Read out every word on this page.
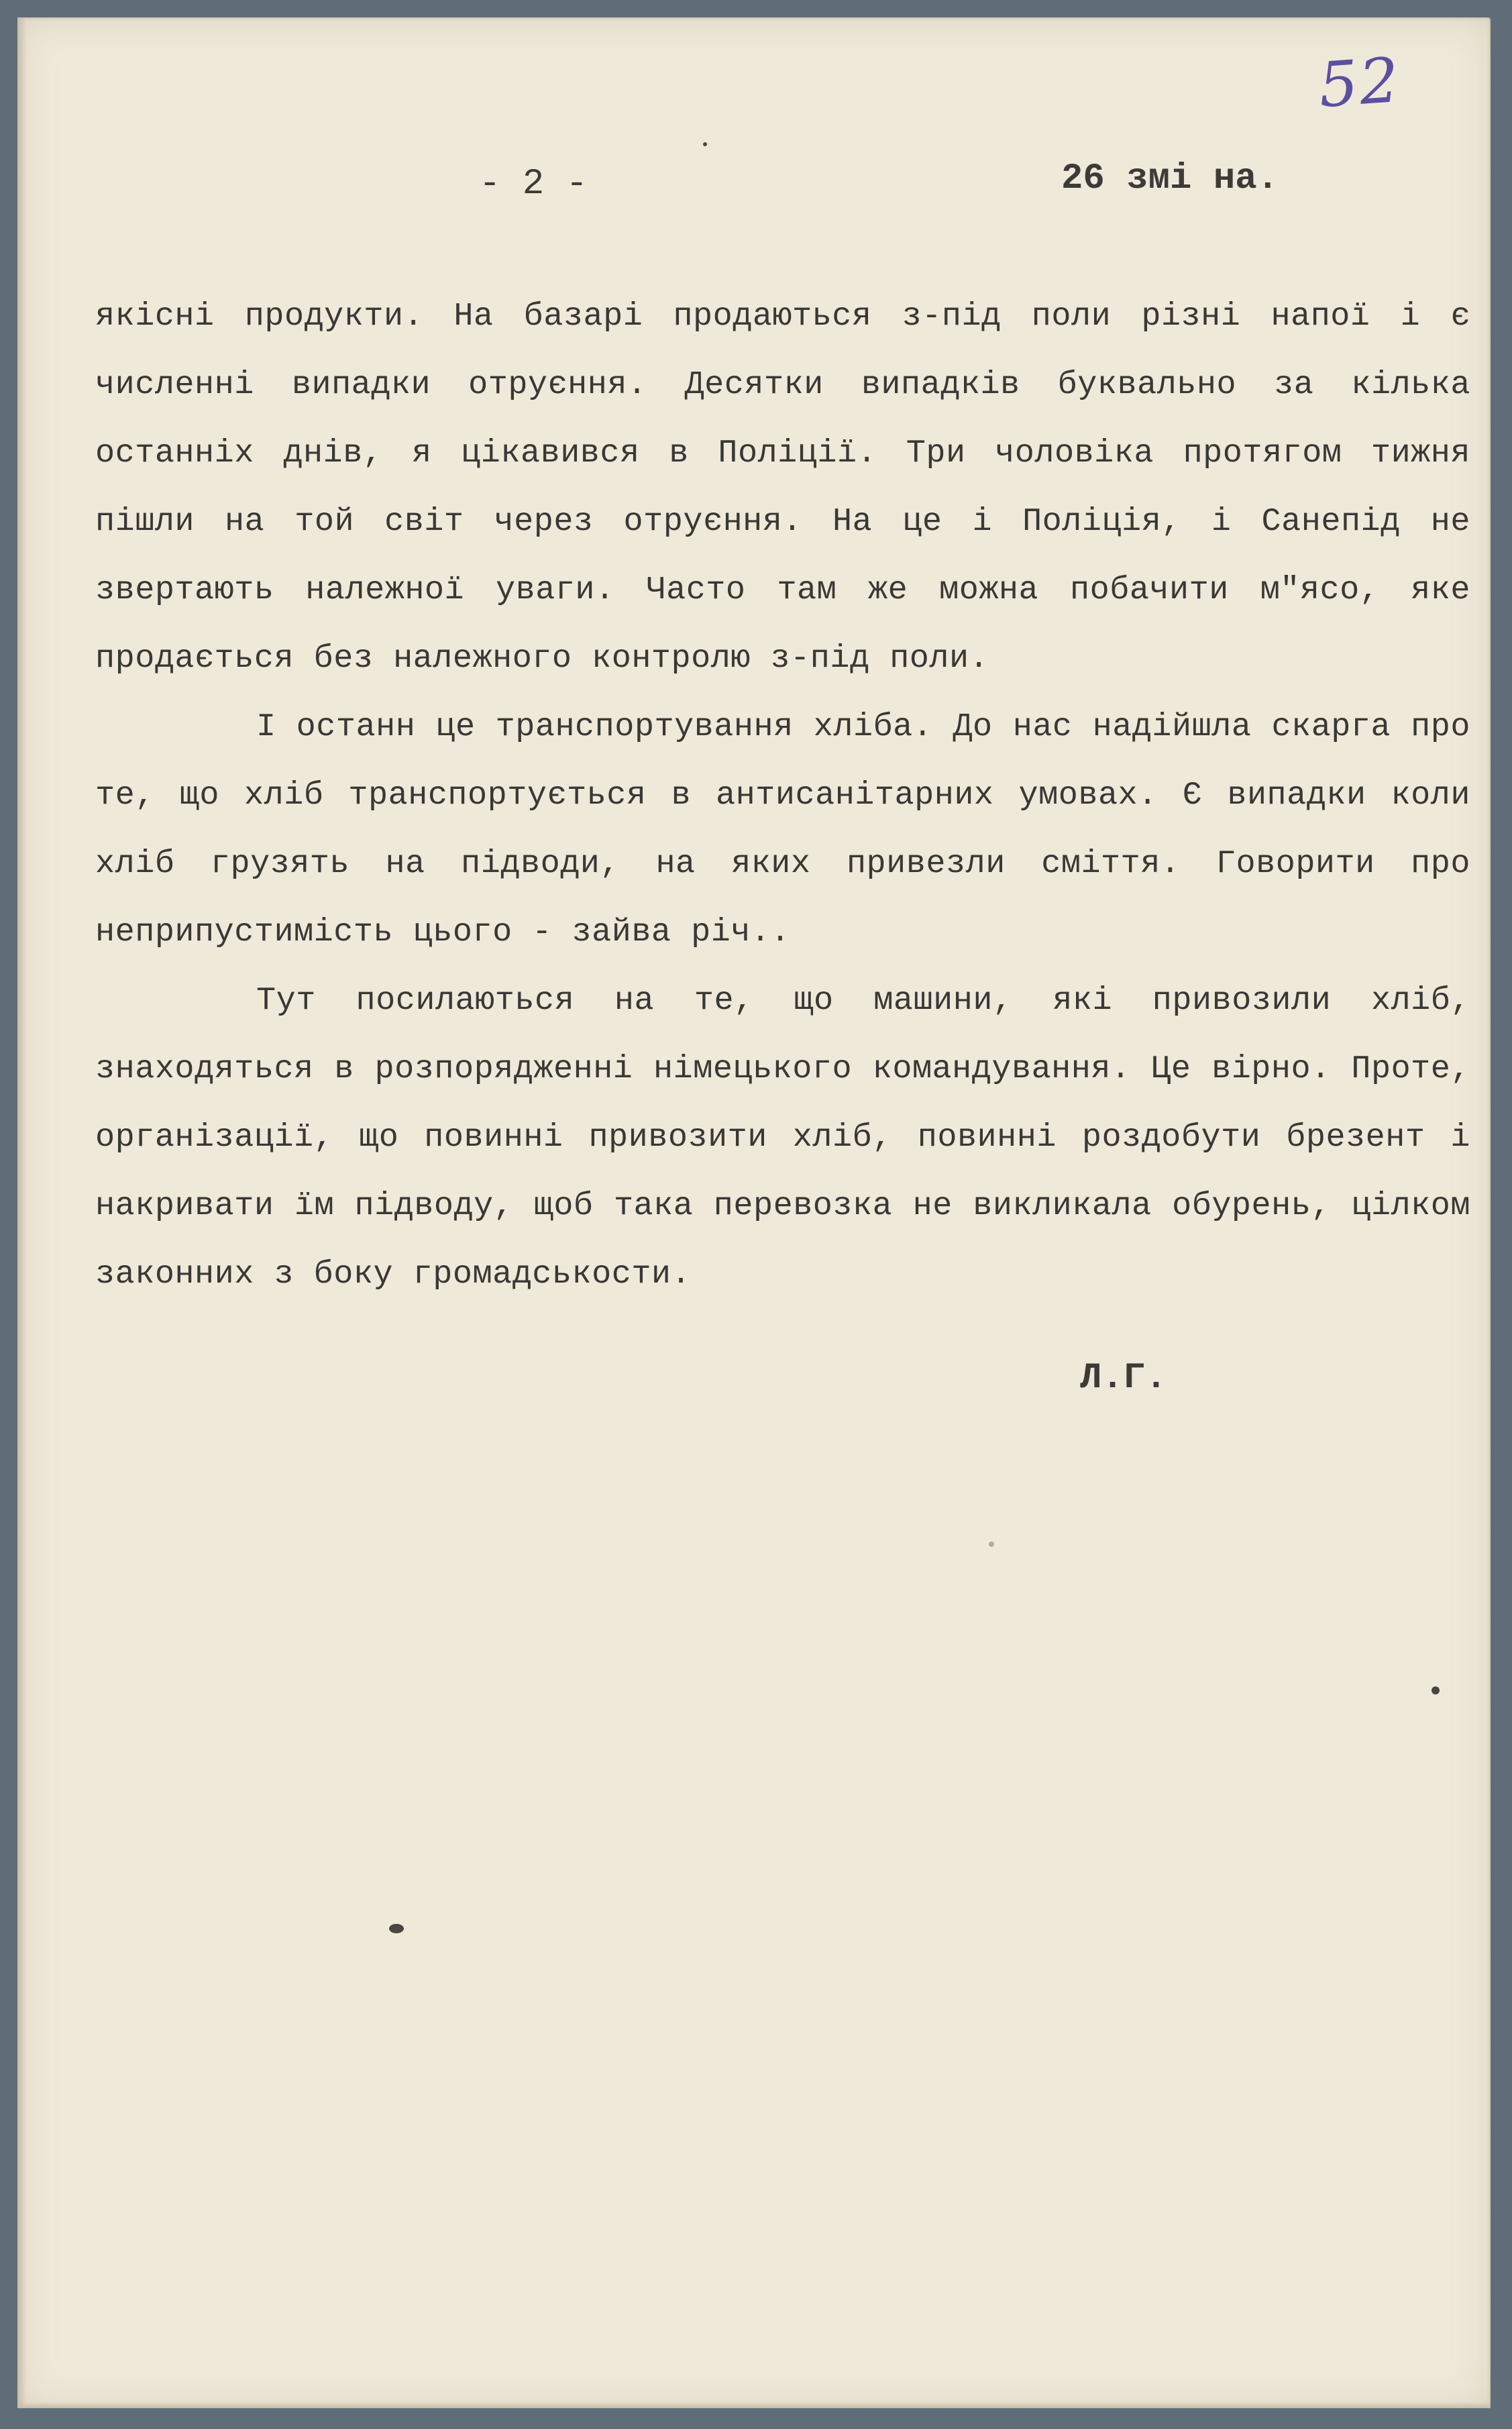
52
- 2 -	26 змі на.

якісні продукти. На базарі продаються з-під поли різні напої і є численні випадки отруєння. Десятки випадків буквально за кілька останніх днів, я цікавився в Поліції. Три чоловіка протягом тижня пішли на той світ через отруєння. На це і Поліція, і Санепід не звертають належної уваги. Часто там же можна побачити м"ясо, яке продається без належного контролю з-під поли.

І останн це транспортування хліба. До нас надійшла скарга про те, що хліб транспортується в антисанітарних умовах. Є випадки коли хліб грузять на підводи, на яких привезли сміття. Говорити про неприпустимість цього - зайва річ..

Тут посилаються на те, що машини, які привозили хліб, знаходяться в розпорядженні німецького командування. Це вірно. Проте, організації, що повинні привозити хліб, повинні роздобути брезент і накривати їм підводу, щоб така перевозка не викликала обурень, цілком законних з боку громадськости.

Л.Г.
